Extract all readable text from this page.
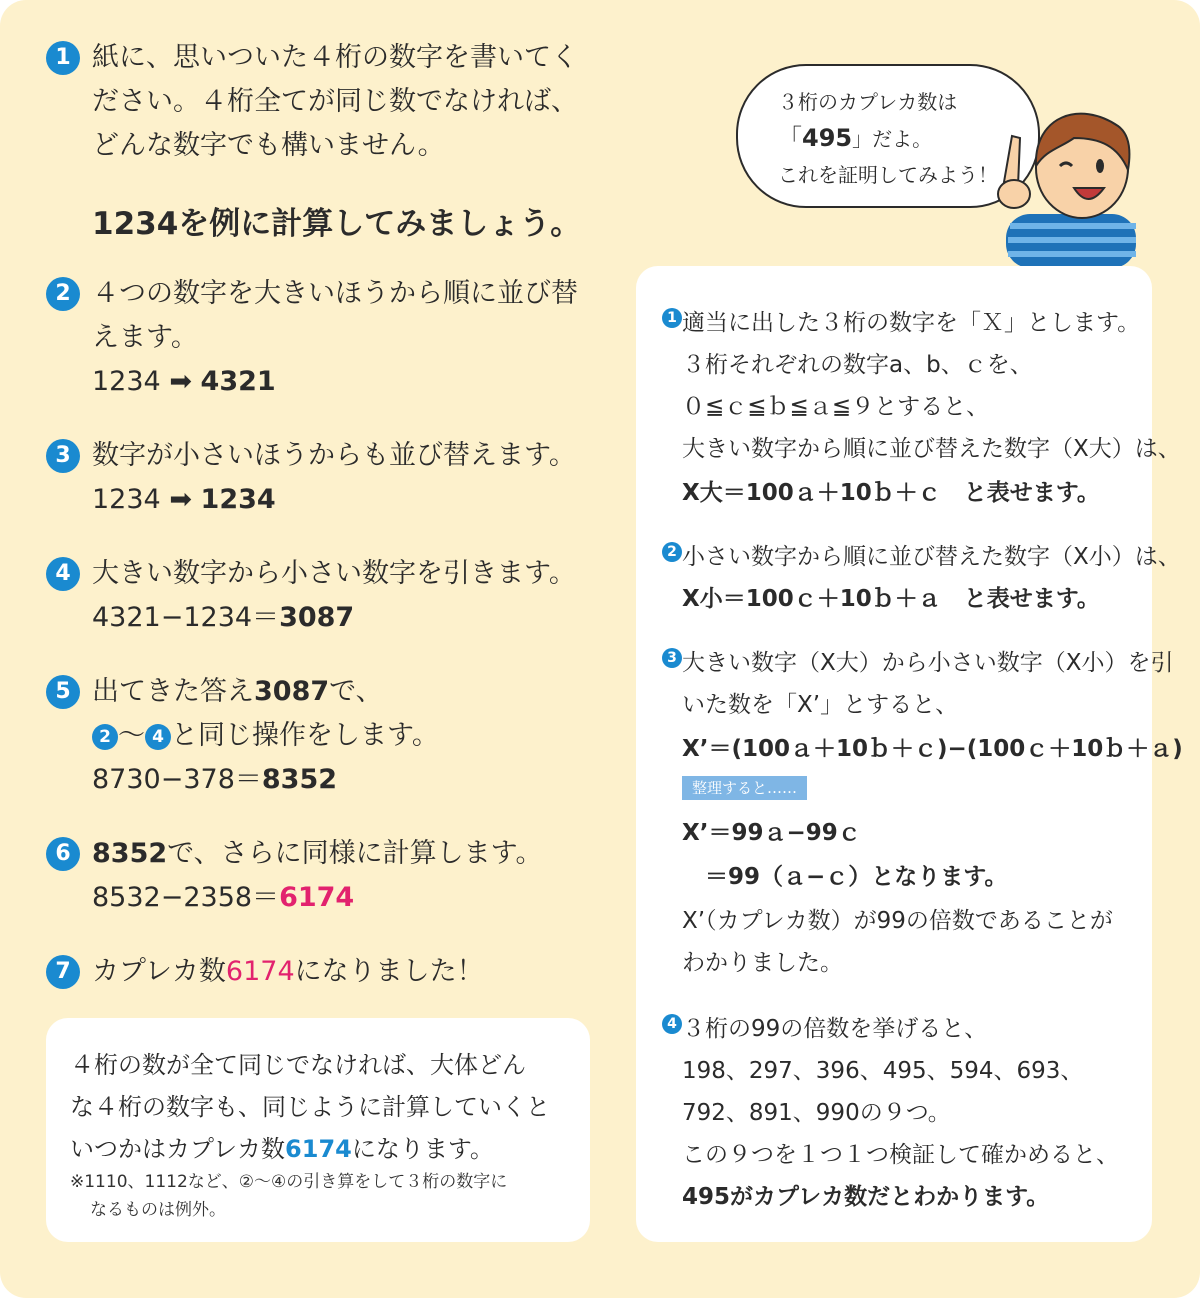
1 紙に、思いついた４桁の数字を書いてく
ださい。４桁全てが同じ数でなければ、
どんな数字でも構いません。
1234を例に計算してみましょう。
2 ４つの数字を大きいほうから順に並び替
えます。
1234 ➡ 4321
3 数字が小さいほうからも並び替えます。
1234 ➡ 1234
4 大きい数字から小さい数字を引きます。
4321−1234＝3087
5 出てきた答え3087で、
2 〜 4 と同じ操作をします。
8730−378＝8352
6 8352で、さらに同様に計算します。
8532−2358＝6174
7 カプレカ数6174になりました！
４桁の数が全て同じでなければ、大体どん
な４桁の数字も、同じように計算していくと
いつかはカプレカ数6174になります。
※1110、1112など、②〜④の引き算をして３桁の数字に
なるものは例外。
３桁のカプレカ数は
「495」だよ。
これを証明してみよう！
1 適当に出した３桁の数字を「Ｘ」とします。
３桁それぞれの数字a、b、ｃを、
０≦ｃ≦ｂ≦ａ≦９とすると、
大きい数字から順に並び替えた数字（X大）は、
X大＝100ａ＋10ｂ＋ｃ　と表せます。
2 小さい数字から順に並び替えた数字（X小）は、
X小＝100ｃ＋10ｂ＋ａ　と表せます。
3 大きい数字（X大）から小さい数字（X小）を引
いた数を「X’」とすると、
X’＝(100ａ＋10ｂ＋ｃ)−(100ｃ＋10ｂ＋ａ)
整理すると……
X’＝99ａ−99ｃ
　＝99（ａ−ｃ）となります。
X’（カプレカ数）が99の倍数であることが
わかりました。
4 ３桁の99の倍数を挙げると、
198、297、396、495、594、693、
792、891、990の９つ。
この９つを１つ１つ検証して確かめると、
495がカプレカ数だとわかります。
